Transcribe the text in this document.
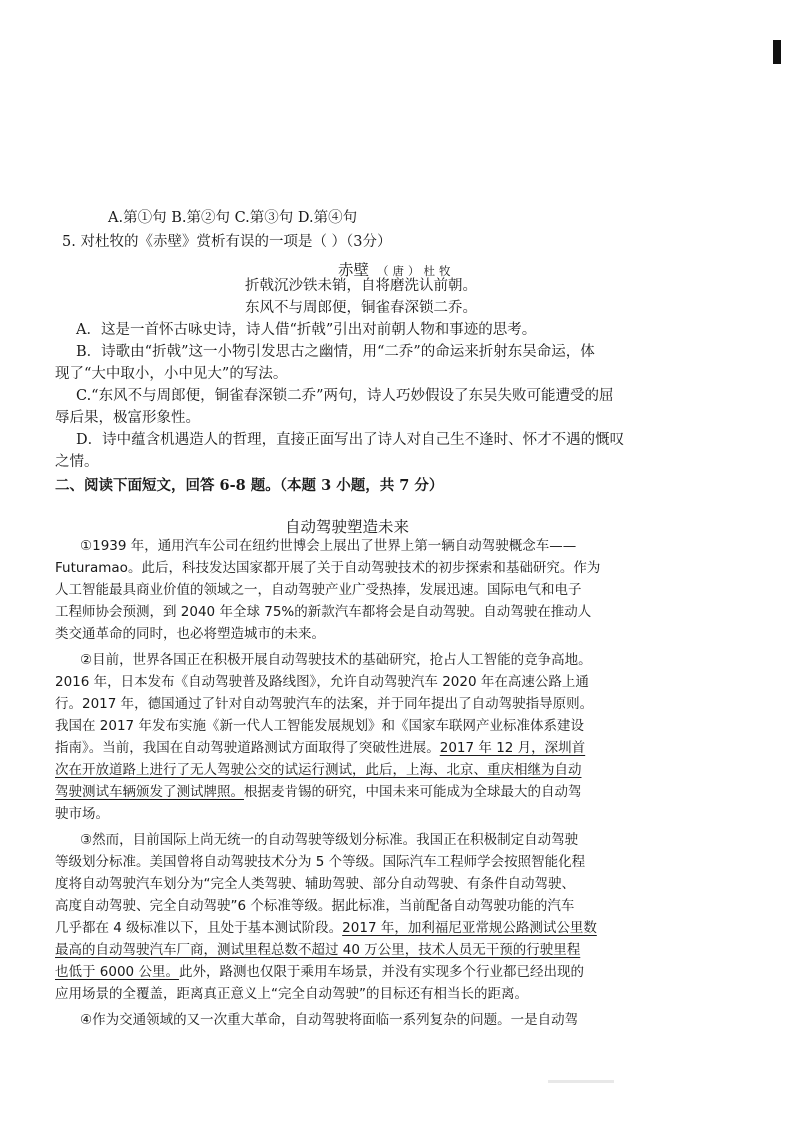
A.第①句 B.第②句 C.第③句 D.第④句
5. 对杜牧的《赤壁》赏析有误的一项是（ ）（3分）
赤壁 （唐）杜牧
折戟沉沙铁未销，自将磨洗认前朝。
东风不与周郎便，铜雀春深锁二乔。
A．这是一首怀古咏史诗，诗人借“折戟”引出对前朝人物和事迹的思考。
B．诗歌由“折戟”这一小物引发思古之幽情，用“二乔”的命运来折射东吴命运，体
现了“大中取小，小中见大”的写法。
C.“东风不与周郎便，铜雀春深锁二乔”两句，诗人巧妙假设了东吴失败可能遭受的屈
辱后果，极富形象性。
D．诗中蕴含机遇造人的哲理，直接正面写出了诗人对自己生不逢时、怀才不遇的慨叹
之情。
二、阅读下面短文，回答 6-8 题。（本题 3 小题，共 7 分）
自动驾驶塑造未来
①1939 年，通用汽车公司在纽约世博会上展出了世界上第一辆自动驾驶概念车——
Futuramao。此后，科技发达国家都开展了关于自动驾驶技术的初步探索和基础研究。作为
人工智能最具商业价值的领域之一，自动驾驶产业广受热捧，发展迅速。国际电气和电子
工程师协会预测，到 2040 年全球 75%的新款汽车都将会是自动驾驶。自动驾驶在推动人
类交通革命的同时，也必将塑造城市的未来。
②目前，世界各国正在积极开展自动驾驶技术的基础研究，抢占人工智能的竞争高地。
2016 年，日本发布《自动驾驶普及路线图》，允许自动驾驶汽车 2020 年在高速公路上通
行。2017 年，德国通过了针对自动驾驶汽车的法案，并于同年提出了自动驾驶指导原则。
我国在 2017 年发布实施《新一代人工智能发展规划》和《国家车联网产业标准体系建设
指南》。当前，我国在自动驾驶道路测试方面取得了突破性进展。2017 年 12 月，深圳首
次在开放道路上进行了无人驾驶公交的试运行测试，此后，上海、北京、重庆相继为自动
驾驶测试车辆颁发了测试牌照。根据麦肯锡的研究，中国未来可能成为全球最大的自动驾
驶市场。
③然而，目前国际上尚无统一的自动驾驶等级划分标准。我国正在积极制定自动驾驶
等级划分标准。美国曾将自动驾驶技术分为 5 个等级。国际汽车工程师学会按照智能化程
度将自动驾驶汽车划分为“完全人类驾驶、辅助驾驶、部分自动驾驶、有条件自动驾驶、
高度自动驾驶、完全自动驾驶”6 个标准等级。据此标准，当前配备自动驾驶功能的汽车
几乎都在 4 级标准以下，且处于基本测试阶段。2017 年，加利福尼亚常规公路测试公里数
最高的自动驾驶汽车厂商，测试里程总数不超过 40 万公里，技术人员无干预的行驶里程
也低于 6000 公里。此外，路测也仅限于乘用车场景，并没有实现多个行业都已经出现的
应用场景的全覆盖，距离真正意义上“完全自动驾驶”的目标还有相当长的距离。
④作为交通领域的又一次重大革命，自动驾驶将面临一系列复杂的问题。一是自动驾
